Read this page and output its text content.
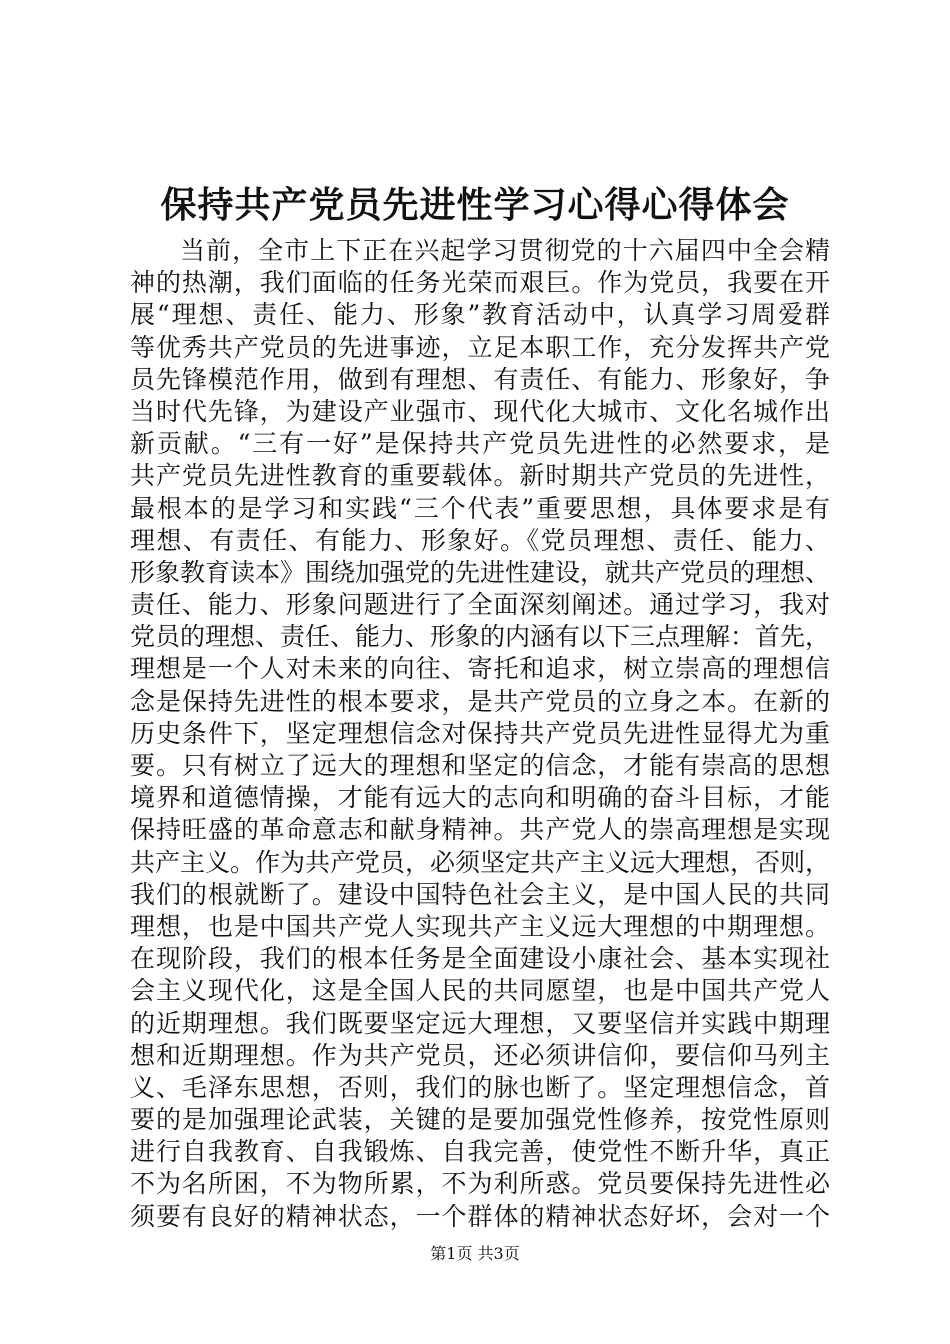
保持共产党员先进性学习心得心得体会
当前，全市上下正在兴起学习贯彻党的十六届四中全会精
神的热潮，我们面临的任务光荣而艰巨。作为党员，我要在开
展“理想、责任、能力、形象”教育活动中，认真学习周爱群
等优秀共产党员的先进事迹，立足本职工作，充分发挥共产党
员先锋模范作用，做到有理想、有责任、有能力、形象好，争
当时代先锋，为建设产业强市、现代化大城市、文化名城作出
新贡献。“三有一好”是保持共产党员先进性的必然要求，是
共产党员先进性教育的重要载体。新时期共产党员的先进性，
最根本的是学习和实践“三个代表”重要思想，具体要求是有
理想、有责任、有能力、形象好。《党员理想、责任、能力、
形象教育读本》围绕加强党的先进性建设，就共产党员的理想、
责任、能力、形象问题进行了全面深刻阐述。通过学习，我对
党员的理想、责任、能力、形象的内涵有以下三点理解：首先，
理想是一个人对未来的向往、寄托和追求，树立崇高的理想信
念是保持先进性的根本要求，是共产党员的立身之本。在新的
历史条件下，坚定理想信念对保持共产党员先进性显得尤为重
要。只有树立了远大的理想和坚定的信念，才能有崇高的思想
境界和道德情操，才能有远大的志向和明确的奋斗目标，才能
保持旺盛的革命意志和献身精神。共产党人的崇高理想是实现
共产主义。作为共产党员，必须坚定共产主义远大理想，否则，
我们的根就断了。建设中国特色社会主义，是中国人民的共同
理想，也是中国共产党人实现共产主义远大理想的中期理想。
在现阶段，我们的根本任务是全面建设小康社会、基本实现社
会主义现代化，这是全国人民的共同愿望，也是中国共产党人
的近期理想。我们既要坚定远大理想，又要坚信并实践中期理
想和近期理想。作为共产党员，还必须讲信仰，要信仰马列主
义、毛泽东思想，否则，我们的脉也断了。坚定理想信念，首
要的是加强理论武装，关键的是要加强党性修养，按党性原则
进行自我教育、自我锻炼、自我完善，使党性不断升华，真正
不为名所困，不为物所累，不为利所惑。党员要保持先进性必
须要有良好的精神状态，一个群体的精神状态好坏，会对一个
第1页 共3页
